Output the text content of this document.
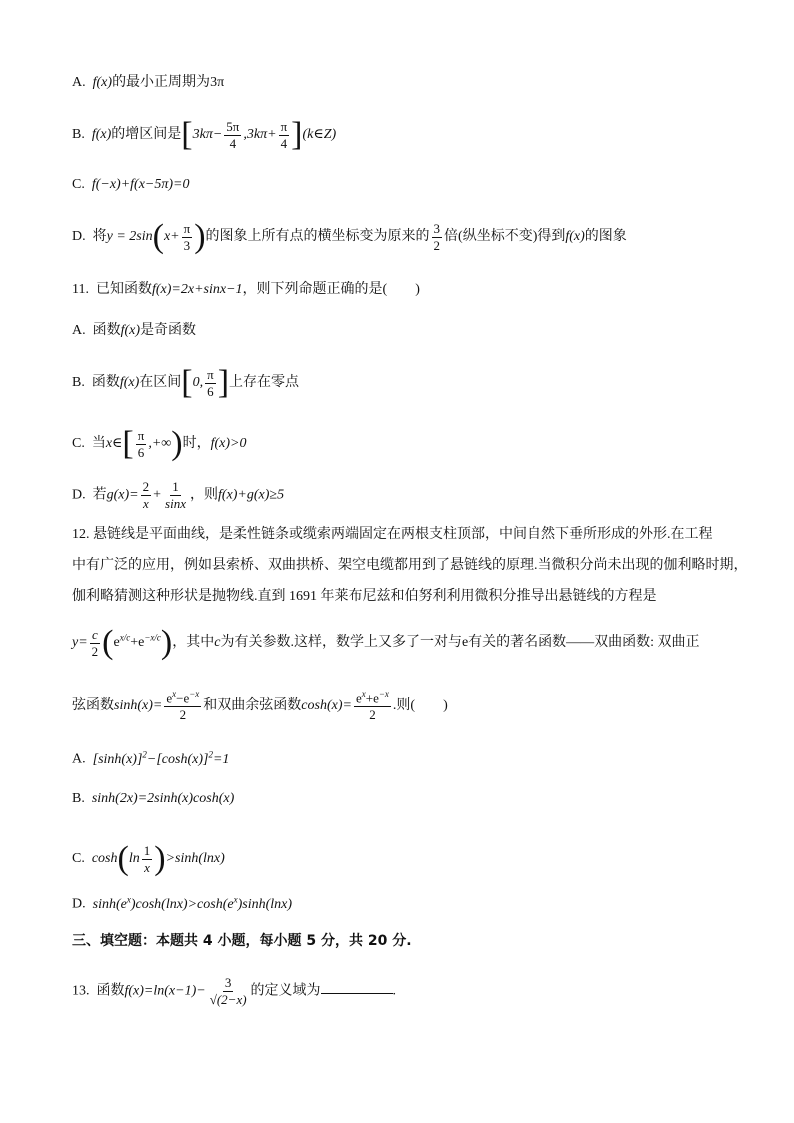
A. f(x)的最小正周期为3π
B. f(x)的增区间是[$3k\pi- \frac{5\pi}{4} ,3k\pi+ \frac{\pi}{4}$ ](k∈Z)
C. f(−x)+f(x−5π)=0
D. 将$y = 2\sin(x+ \frac{\pi}{3}$ )的图象上所有点的横坐标变为原来的 $\frac{3}{2}$ 倍(纵坐标不变)得到f(x)的图象
11. 已知函数f(x)=2x+sinx−1，则下列命题正确的是(　　)
A. 函数f(x)是奇函数
B. 函数f(x)在区间[0, $\frac{\pi}{6}$ ]上存在零点
C. 当x∈[ $\frac{\pi}{6}$ ,+∞)时，f(x)>0
D. 若$g(x)= \frac{2}{x} + \frac{1}{\sin x}$ ，则f(x)+g(x)≥5
12. 悬链线是平面曲线，是柔性链条或缆索两端固定在两根支柱顶部，中间自然下垂所形成的外形.在工程
中有广泛的应用，例如县索桥、双曲拱桥、架空电缆都用到了悬链线的原理.当微积分尚未出现的伽利略时期，
伽利略猜测这种形状是抛物线.直到 1691 年莱布尼兹和伯努利利用微积分推导出悬链线的方程是
$y= \frac{c}{2} (e^{x/c}+e^{-x/c})$，其中c为有关参数.这样，数学上又多了一对与e有关的著名函数——双曲函数: 双曲正
弦函数$\sinh(x)= \frac{e^x-e^{-x}}{2}$ 和双曲余弦函数$\cosh(x)= \frac{e^x+e^{-x}}{2}$ .则(　　)
A. $[\sinh(x)]^2-[\cosh(x)]^2=1$
B. sinh(2x)=2sinh(x)cosh(x)
C. $\cosh(\ln \frac{1}{x} )>\sinh(\ln x)$
D. $\sinh(e^x)\cosh(\ln x)>\cosh(e^x)\sinh(\ln x)$
三、填空题：本题共 4 小题，每小题 5 分，共 20 分.
13. 函数$f(x)=\ln(x-1)- \frac{3}{√(2-x)}$ 的定义域为	.
